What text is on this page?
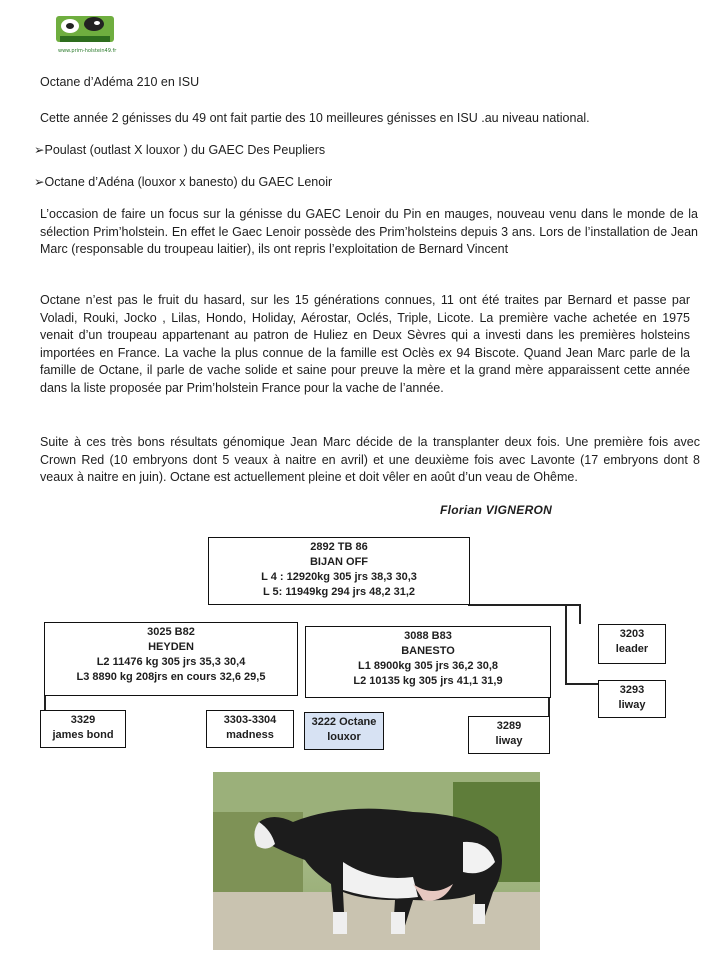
www.prim-holstein49.fr

Octane d’Adéma 210 en ISU

Cette année 2 génisses du 49 ont fait partie des 10 meilleures génisses en ISU .au niveau national.

➢Poulast (outlast X louxor ) du GAEC Des Peupliers

➢Octane d’Adéna (louxor x banesto) du GAEC Lenoir

L’occasion de faire un focus sur la génisse du GAEC Lenoir du Pin en mauges, nouveau venu dans le monde de la sélection Prim’holstein. En effet le Gaec Lenoir possède des Prim’holsteins depuis 3 ans. Lors de l’installation de Jean Marc (responsable du troupeau laitier), ils ont repris l’exploitation de Bernard Vincent

Octane n’est pas le fruit du hasard, sur les 15 générations connues, 11 ont été traites par Bernard et passe par Voladi, Rouki, Jocko , Lilas, Hondo, Holiday, Aérostar, Oclés, Triple, Licote. La première vache achetée en 1975 venait d’un troupeau appartenant au patron de Huliez en Deux Sèvres qui a investi dans les premières holsteins importées en France. La vache la plus connue de la famille est Oclès ex 94 Biscote. Quand Jean Marc parle de la famille de Octane, il parle de vache solide et saine pour preuve la mère et la grand mère apparaissent cette année dans la liste proposée par Prim’holstein France pour la vache de l’année.

Suite à ces très bons résultats génomique Jean Marc décide de la transplanter deux fois. Une première fois avec Crown Red (10 embryons dont 5 veaux à naitre en avril) et une deuxième fois avec Lavonte (17 embryons dont 8 veaux à naitre en juin). Octane est actuellement pleine et doit vêler en août d’un veau de Ohême.

Florian VIGNERON
2892 TB 86
BIJAN OFF
L 4 : 12920kg 305 jrs 38,3 30,3
L 5: 11949kg 294 jrs 48,2 31,2
3025 B82
HEYDEN
L2 11476 kg 305 jrs 35,3 30,4
L3 8890 kg 208jrs en cours 32,6 29,5
3088 B83
BANESTO
L1 8900kg 305 jrs 36,2 30,8
L2 10135 kg 305 jrs 41,1 31,9
3203
leader
3293
liway
3329
james bond
3303-3304
madness
3222 Octane
louxor
3289
liway
